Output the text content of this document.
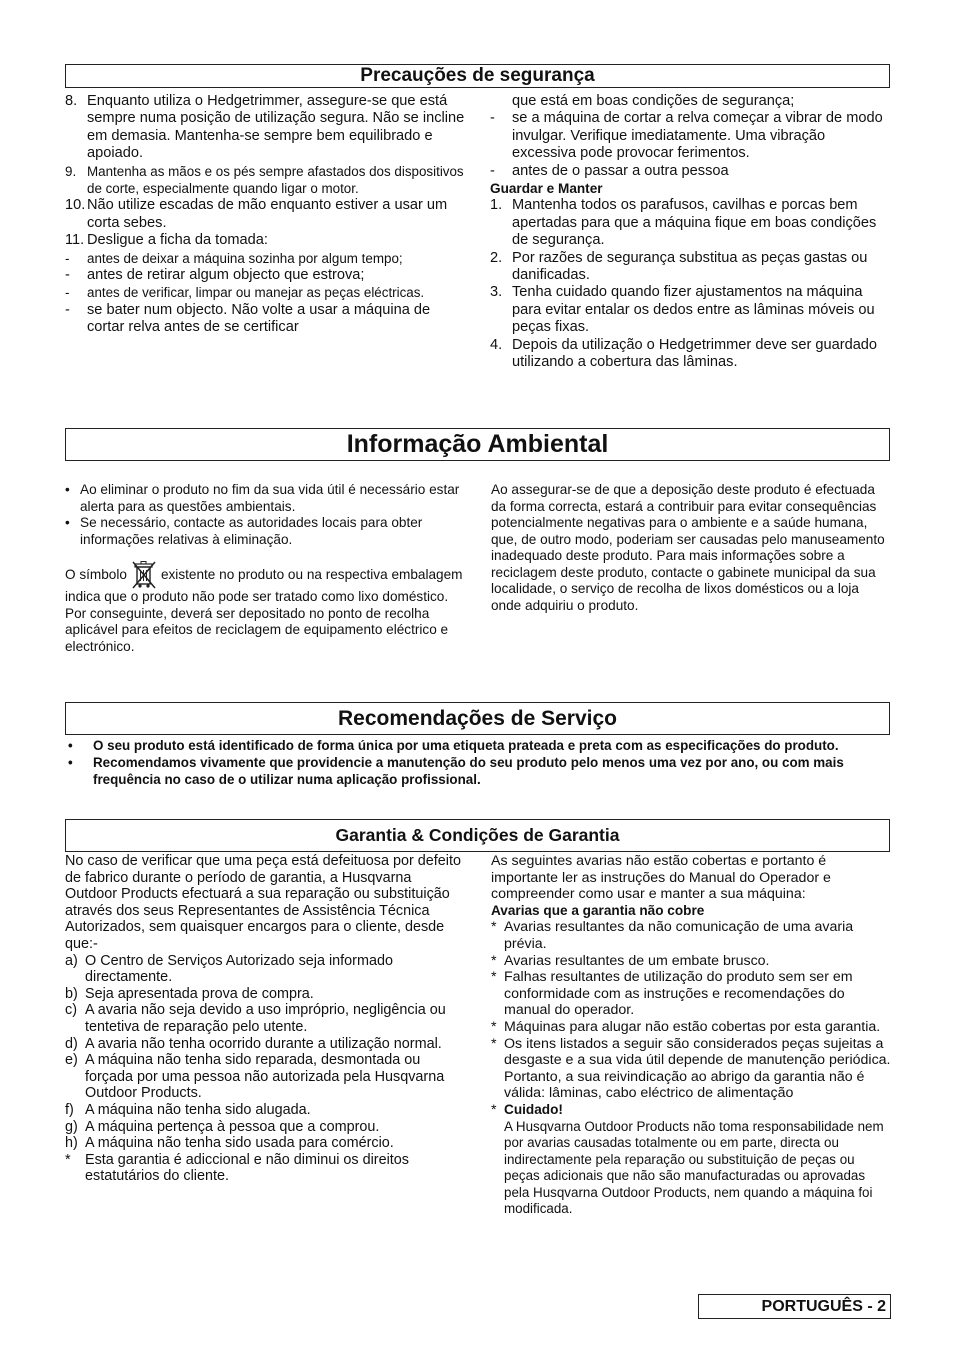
Precauções de segurança
8. Enquanto utiliza o Hedgetrimmer, assegure-se que está sempre numa posição de utilização segura. Não se incline em demasia. Mantenha-se sempre bem equilibrado e apoiado.
9. Mantenha as mãos e os pés sempre afastados dos dispositivos de corte, especialmente quando ligar o motor.
10. Não utilize escadas de mão enquanto estiver a usar um corta sebes.
11. Desligue a ficha da tomada:
- antes de deixar a máquina sozinha por algum tempo;
- antes de retirar algum objecto que estrova;
- antes de verificar, limpar ou manejar as peças eléctricas.
- se bater num objecto. Não volte a usar a máquina de cortar relva antes de se certificar
que está em boas condições de segurança;
- se a máquina de cortar a relva começar a vibrar de modo invulgar. Verifique imediatamente. Uma vibração excessiva pode provocar ferimentos.
- antes de o passar a outra pessoa
Guardar e Manter
1. Mantenha todos os parafusos, cavilhas e porcas bem apertadas para que a máquina fique em boas condições de segurança.
2. Por razões de segurança substitua as peças gastas ou danificadas.
3. Tenha cuidado quando fizer ajustamentos na máquina para evitar entalar os dedos entre as lâminas móveis ou peças fixas.
4. Depois da utilização o Hedgetrimmer deve ser guardado utilizando a cobertura das lâminas.
Informação Ambiental
• Ao eliminar o produto no fim da sua vida útil é necessário estar alerta para as questões ambientais.
• Se necessário, contacte as autoridades locais para obter informações relativas à eliminação.

O símbolo	existente no produto ou na respectiva embalagem indica que o produto não pode ser tratado como lixo doméstico. Por conseguinte, deverá ser depositado no ponto de recolha aplicável para efeitos de reciclagem de equipamento eléctrico e electrónico.

Ao assegurar-se de que a deposição deste produto é efectuada da forma correcta, estará a contribuir para evitar consequências potencialmente negativas para o ambiente e a saúde humana, que, de outro modo, poderiam ser causadas pelo manuseamento inadequado deste produto. Para mais informações sobre a reciclagem deste produto, contacte o gabinete municipal da sua localidade, o serviço de recolha de lixos domésticos ou a loja onde adquiriu o produto.

Recomendações de Serviço
• O seu produto está identificado de forma única por uma etiqueta prateada e preta com as especificações do produto.
• Recomendamos vivamente que providencie a manutenção do seu produto pelo menos uma vez por ano, ou com mais frequência no caso de o utilizar numa aplicação profissional.
Garantia & Condições de Garantia

No caso de verificar que uma peça está defeituosa por defeito de fabrico durante o período de garantia, a Husqvarna Outdoor Products efectuará a sua reparação ou substituição através dos seus Representantes de Assistência Técnica Autorizados, sem quaisquer encargos para o cliente, desde que:-

a) O Centro de Serviços Autorizado seja informado directamente.
b) Seja apresentada prova de compra.
c) A avaria não seja devido a uso impróprio, negligência ou tentetiva de reparação pelo utente.
d) A avaria não tenha ocorrido durante a utilização normal.
e) A máquina não tenha sido reparada, desmontada ou forçada por uma pessoa não autorizada pela Husqvarna Outdoor Products.
f) A máquina não tenha sido alugada.
g) A máquina pertença à pessoa que a comprou.
h) A máquina não tenha sido usada para comércio.
* Esta garantia é adiccional e não diminui os direitos estatutários do cliente.

As seguintes avarias não estão cobertas e portanto é importante ler as instruções do Manual do Operador e compreender como usar e manter a sua máquina:

Avarias que a garantia não cobre
* Avarias resultantes da não comunicação de uma avaria prévia.
* Avarias resultantes de um embate brusco.
* Falhas resultantes de utilização do produto sem ser em conformidade com as instruções e recomendações do manual do operador.
* Máquinas para alugar não estão cobertas por esta garantia.
* Os itens listados a seguir são considerados peças sujeitas a desgaste e a sua vida útil depende de manutenção periódica. Portanto, a sua reivindicação ao abrigo da garantia não é válida: lâminas, cabo eléctrico de alimentação
* Cuidado!
A Husqvarna Outdoor Products não toma responsabilidade nem por avarias causadas totalmente ou em parte, directa ou indirectamente pela reparação ou substituição de peças ou peças adicionais que não são manufacturadas ou aprovadas pela Husqvarna Outdoor Products, nem quando a máquina foi modificada.
PORTUGUÊS - 2
